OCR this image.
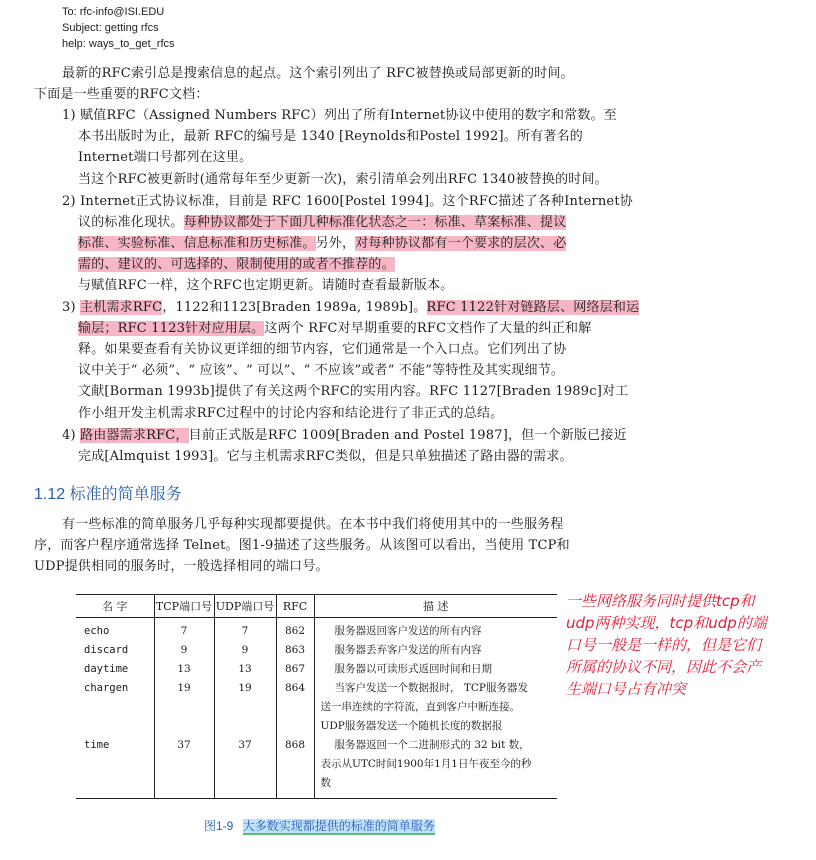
To: rfc-info@ISI.EDU
Subject: getting rfcs
help: ways_to_get_rfcs
最新的RFC索引总是搜索信息的起点。这个索引列出了 RFC被替换或局部更新的时间。
下面是一些重要的RFC文档：
1) 赋值RFC（Assigned Numbers RFC）列出了所有Internet协议中使用的数字和常数。至
本书出版时为止，最新 RFC的编号是 1340 [Reynolds和Postel 1992]。所有著名的
Internet端口号都列在这里。
当这个RFC被更新时(通常每年至少更新一次)，索引清单会列出RFC 1340被替换的时间。
2) Internet正式协议标准，目前是 RFC 1600[Postel 1994]。这个RFC描述了各种Internet协
议的标准化现状。每种协议都处于下面几种标准化状态之一：标准、草案标准、提议
标准、实验标准、信息标准和历史标准。另外，对每种协议都有一个要求的层次、必
需的、建议的、可选择的、限制使用的或者不推荐的。
与赋值RFC一样，这个RFC也定期更新。请随时查看最新版本。
3) 主机需求RFC，1122和1123[Braden 1989a, 1989b]。RFC 1122针对链路层、网络层和运
输层；RFC 1123针对应用层。这两个 RFC对早期重要的RFC文档作了大量的纠正和解
释。如果要查看有关协议更详细的细节内容，它们通常是一个入口点。它们列出了协
议中关于“ 必须”、“ 应该”、“ 可以”、“ 不应该”或者“ 不能”等特性及其实现细节。
文献[Borman 1993b]提供了有关这两个RFC的实用内容。RFC 1127[Braden 1989c]对工
作小组开发主机需求RFC过程中的讨论内容和结论进行了非正式的总结。
4) 路由器需求RFC，目前正式版是RFC 1009[Braden and Postel 1987]，但一个新版已接近
完成[Almquist 1993]。它与主机需求RFC类似，但是只单独描述了路由器的需求。
1.12 标准的简单服务
有一些标准的简单服务几乎每种实现都要提供。在本书中我们将使用其中的一些服务程
序，而客户程序通常选择 Telnet。图1-9描述了这些服务。从该图可以看出，当使用 TCP和
UDP提供相同的服务时，一般选择相同的端口号。
名 字	TCP端口号	UDP端口号	RFC	描 述

echo	7	7	862	服务器返回客户发送的所有内容
discard	9	9	863	服务器丢弃客户发送的所有内容
daytime	13	13	867	服务器以可读形式返回时间和日期
chargen	19	19	864	当客户发送一个数据报时， TCP服务器发
送一串连续的字符流，直到客户中断连接。
UDP服务器发送一个随机长度的数据报

time	37	37	868	服务器返回一个二进制形式的 32 bit 数，
表示从UTC时间1900年1月1日午夜至今的秒
数

一些网络服务同时提供tcp和
udp两种实现，tcp和udp的端
口号一般是一样的，但是它们
所属的协议不同，因此不会产
生端口号占有冲突
图1-9 大多数实现都提供的标准的简单服务
